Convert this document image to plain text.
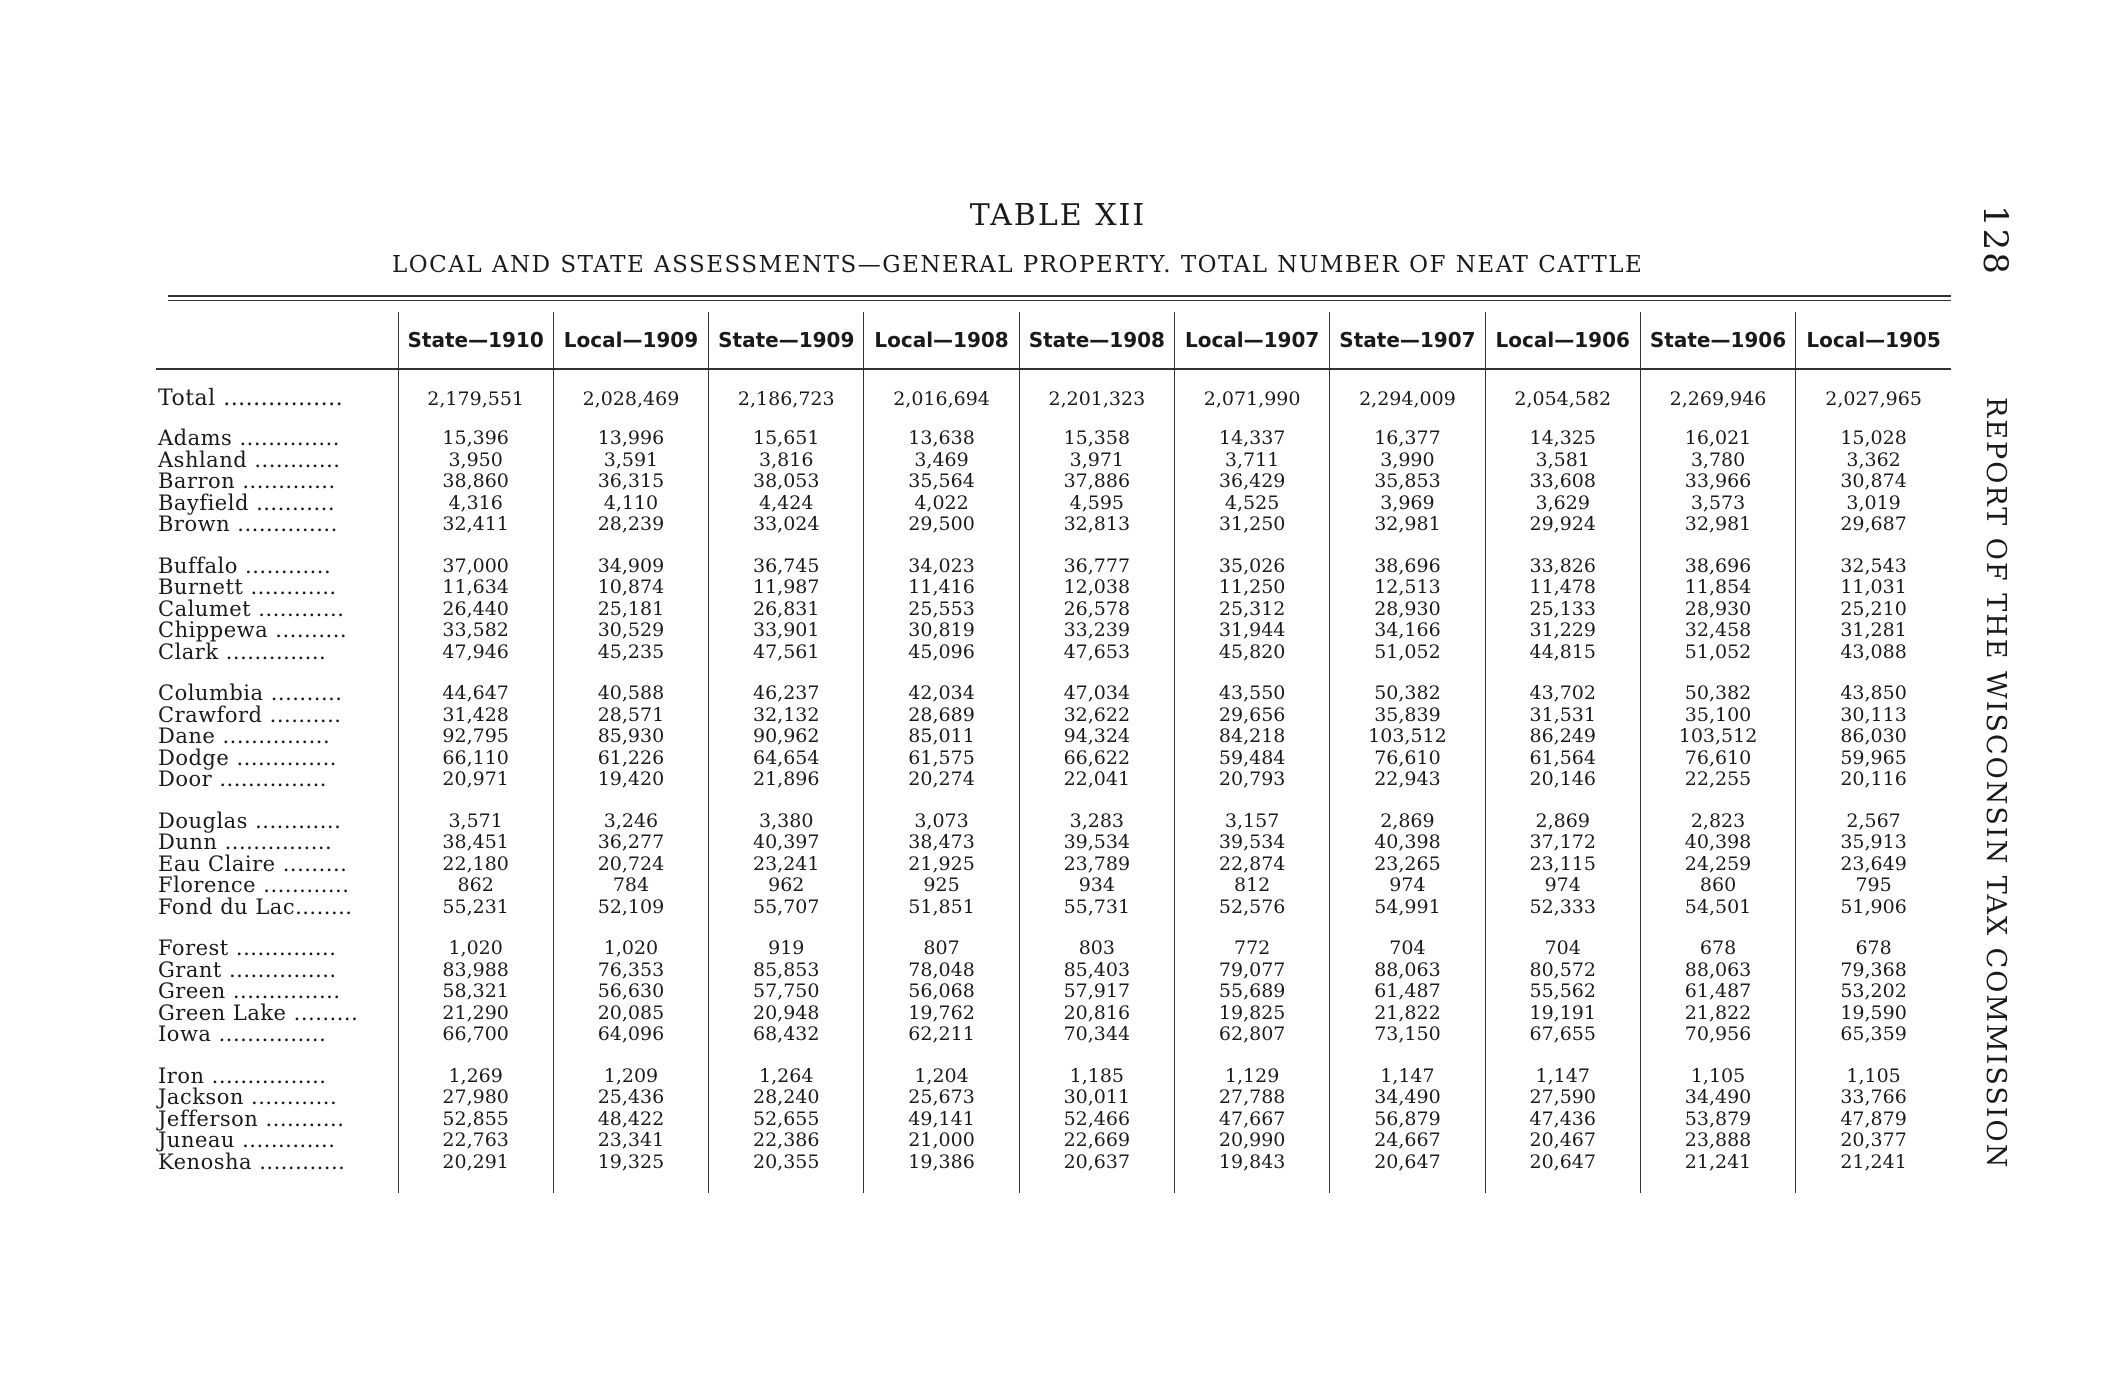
TABLE XII
LOCAL AND STATE ASSESSMENTS—GENERAL PROPERTY. TOTAL NUMBER OF NEAT CATTLE	128 REPORT OF THE WISCONSIN TAX COMMISSION
	State—1910	Local—1909	State—1909	Local—1908	State—1908	Local—1907	State—1907	Local—1906	State—1906	Local—1905
Total ................	2,179,551	2,028,469	2,186,723	2,016,694	2,201,323	2,071,990	2,294,009	2,054,582	2,269,946	2,027,965
Adams ..............	15,396	13,996	15,651	13,638	15,358	14,337	16,377	14,325	16,021	15,028
Ashland ............	3,950	3,591	3,816	3,469	3,971	3,711	3,990	3,581	3,780	3,362
Barron .............	38,860	36,315	38,053	35,564	37,886	36,429	35,853	33,608	33,966	30,874
Bayfield ...........	4,316	4,110	4,424	4,022	4,595	4,525	3,969	3,629	3,573	3,019
Brown ..............	32,411	28,239	33,024	29,500	32,813	31,250	32,981	29,924	32,981	29,687

Buffalo ............	37,000	34,909	36,745	34,023	36,777	35,026	38,696	33,826	38,696	32,543
Burnett ............	11,634	10,874	11,987	11,416	12,038	11,250	12,513	11,478	11,854	11,031
Calumet ............	26,440	25,181	26,831	25,553	26,578	25,312	28,930	25,133	28,930	25,210
Chippewa ..........	33,582	30,529	33,901	30,819	33,239	31,944	34,166	31,229	32,458	31,281
Clark ..............	47,946	45,235	47,561	45,096	47,653	45,820	51,052	44,815	51,052	43,088

Columbia ..........	44,647	40,588	46,237	42,034	47,034	43,550	50,382	43,702	50,382	43,850
Crawford ..........	31,428	28,571	32,132	28,689	32,622	29,656	35,839	31,531	35,100	30,113
Dane ...............	92,795	85,930	90,962	85,011	94,324	84,218	103,512	86,249	103,512	86,030
Dodge ..............	66,110	61,226	64,654	61,575	66,622	59,484	76,610	61,564	76,610	59,965
Door ...............	20,971	19,420	21,896	20,274	22,041	20,793	22,943	20,146	22,255	20,116

Douglas ............	3,571	3,246	3,380	3,073	3,283	3,157	2,869	2,869	2,823	2,567
Dunn ...............	38,451	36,277	40,397	38,473	39,534	39,534	40,398	37,172	40,398	35,913
Eau Claire .........	22,180	20,724	23,241	21,925	23,789	22,874	23,265	23,115	24,259	23,649
Florence ............	862	784	962	925	934	812	974	974	860	795
Fond du Lac........	55,231	52,109	55,707	51,851	55,731	52,576	54,991	52,333	54,501	51,906

Forest ..............	1,020	1,020	919	807	803	772	704	704	678	678
Grant ...............	83,988	76,353	85,853	78,048	85,403	79,077	88,063	80,572	88,063	79,368
Green ...............	58,321	56,630	57,750	56,068	57,917	55,689	61,487	55,562	61,487	53,202
Green Lake .........	21,290	20,085	20,948	19,762	20,816	19,825	21,822	19,191	21,822	19,590
Iowa ...............	66,700	64,096	68,432	62,211	70,344	62,807	73,150	67,655	70,956	65,359

Iron ................	1,269	1,209	1,264	1,204	1,185	1,129	1,147	1,147	1,105	1,105
Jackson ............	27,980	25,436	28,240	25,673	30,011	27,788	34,490	27,590	34,490	33,766
Jefferson ...........	52,855	48,422	52,655	49,141	52,466	47,667	56,879	47,436	53,879	47,879
Juneau .............	22,763	23,341	22,386	21,000	22,669	20,990	24,667	20,467	23,888	20,377
Kenosha ............	20,291	19,325	20,355	19,386	20,637	19,843	20,647	20,647	21,241	21,241
